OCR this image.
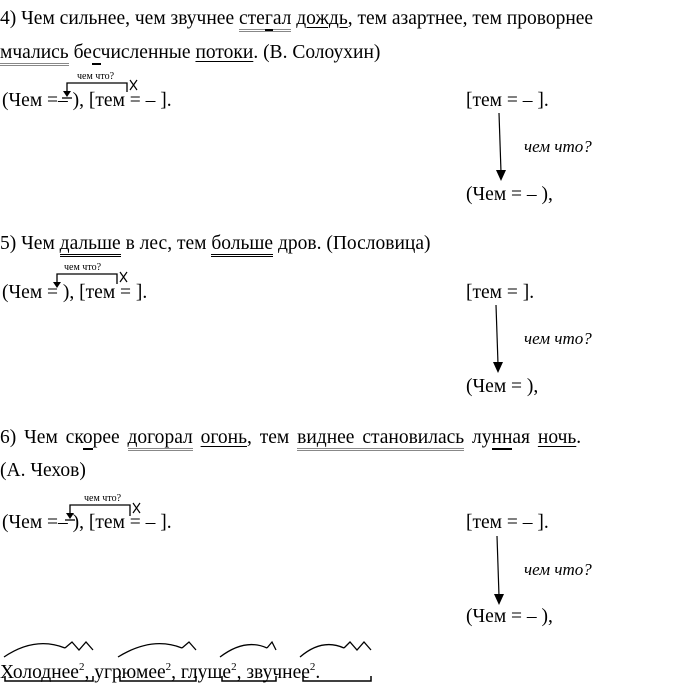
4) Чем сильнее, чем звучнее стегал дождь, тем азартнее, тем проворнее
мчались бесчисленные потоки. (В. Солоухин)
чем что?
(Чем =– ), [тем = – ].	[тем = – ].
чем что?
(Чем = – ),
5) Чем дальше в лес, тем больше дров. (Пословица)
чем что?
(Чем = ), [тем = ].	[тем = ].
чем что?
(Чем = ),
6) Чем скорее догорал огонь, тем виднее становилась лунная ночь.
(А. Чехов)
чем что?
(Чем =– ), [тем = – ].	[тем = – ].
чем что?
(Чем = – ),
Холоднее$^2$, угрюмее$^2$, глуше$^2$, звучнее$^2$.
